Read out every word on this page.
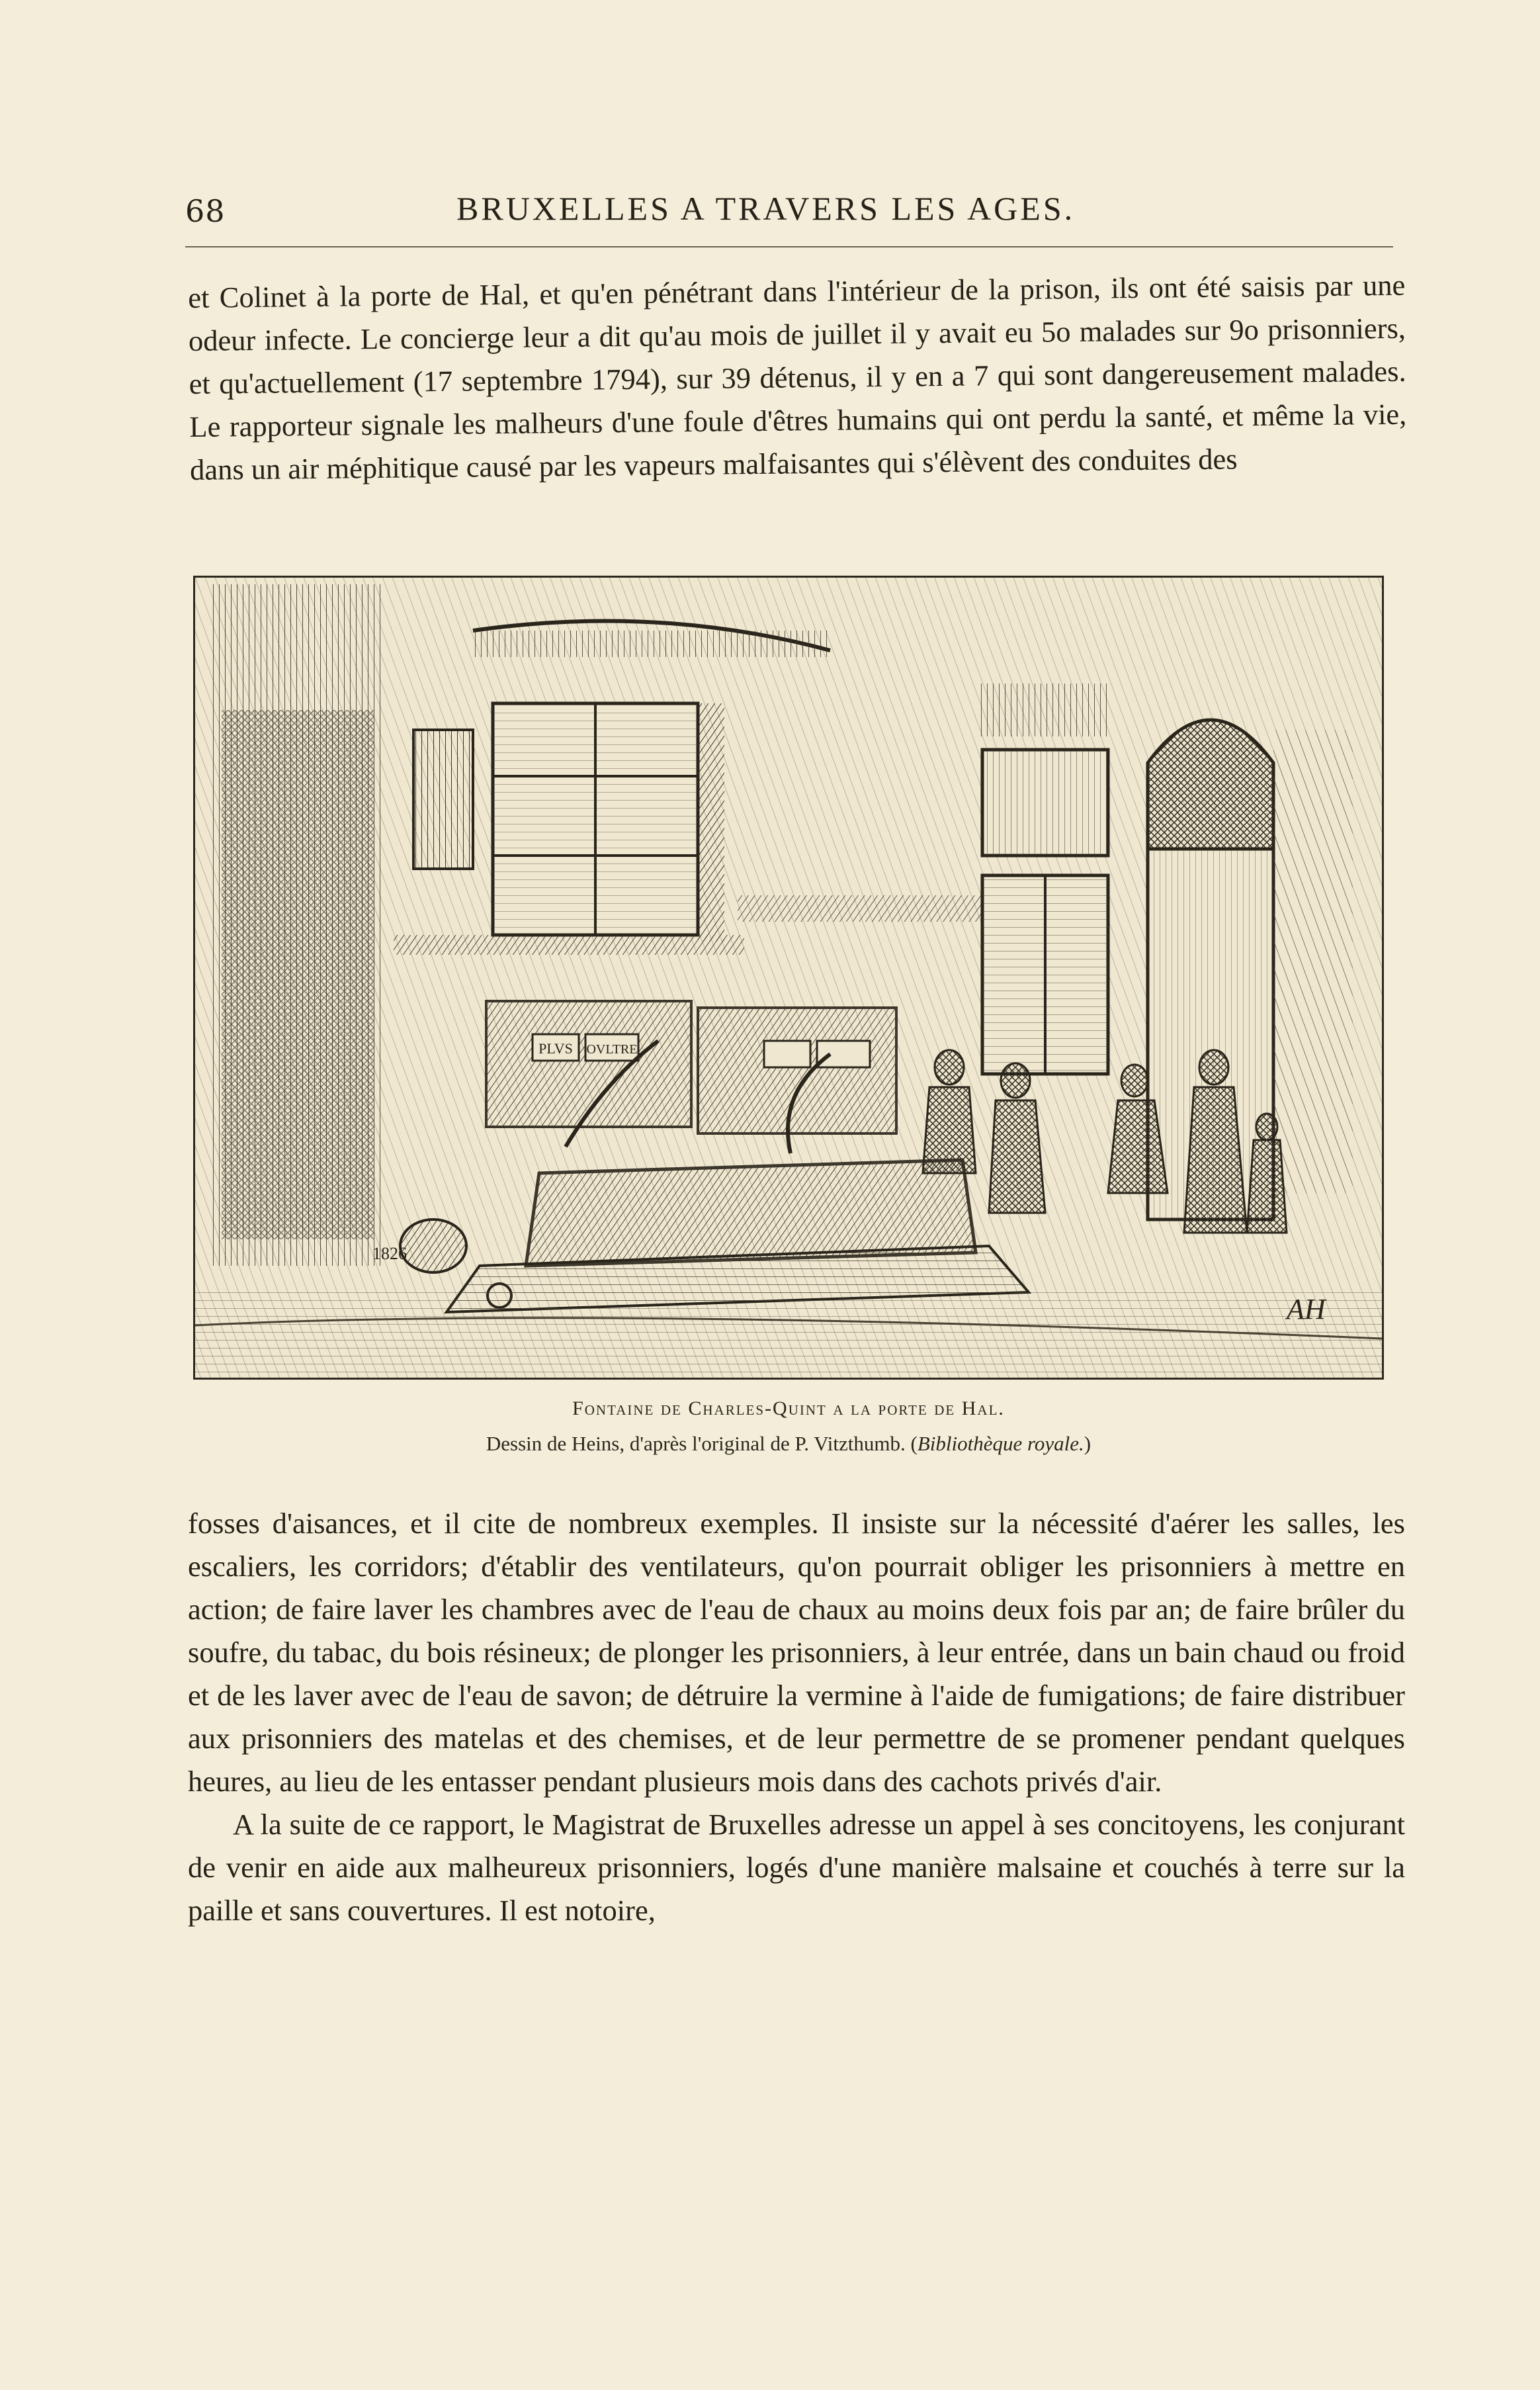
68	BRUXELLES A TRAVERS LES AGES.

et Colinet à la porte de Hal, et qu'en pénétrant dans l'intérieur de la prison, ils ont été saisis par une odeur infecte. Le concierge leur a dit qu'au mois de juillet il y avait eu 5o malades sur 9o prisonniers, et qu'actuellement (17 septembre 1794), sur 39 détenus, il y en a 7 qui sont dangereusement malades. Le rapporteur signale les malheurs d'une foule d'êtres humains qui ont perdu la santé, et même la vie, dans un air méphitique causé par les vapeurs malfaisantes qui s'élèvent des conduites des

PLVS OVLTRE
1826
AH
Fontaine de Charles-Quint a la porte de Hal.
Dessin de Heins, d'après l'original de P. Vitzthumb. (Bibliothèque royale.)

fosses d'aisances, et il cite de nombreux exemples. Il insiste sur la nécessité d'aérer les salles, les escaliers, les corridors; d'établir des ventilateurs, qu'on pourrait obliger les prisonniers à mettre en action; de faire laver les chambres avec de l'eau de chaux au moins deux fois par an; de faire brûler du soufre, du tabac, du bois résineux; de plonger les prisonniers, à leur entrée, dans un bain chaud ou froid et de les laver avec de l'eau de savon; de détruire la vermine à l'aide de fumigations; de faire distribuer aux prisonniers des matelas et des chemises, et de leur permettre de se promener pendant quelques heures, au lieu de les entasser pendant plusieurs mois dans des cachots privés d'air.

A la suite de ce rapport, le Magistrat de Bruxelles adresse un appel à ses concitoyens, les conjurant de venir en aide aux malheureux prisonniers, logés d'une manière malsaine et couchés à terre sur la paille et sans couvertures. Il est notoire,
